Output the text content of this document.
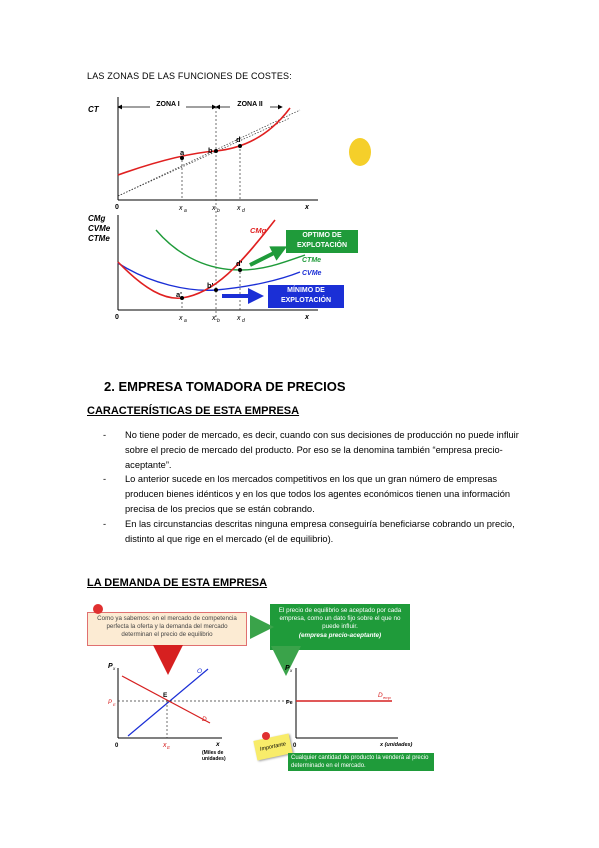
LAS ZONAS DE LAS FUNCIONES DE COSTES:
CT
ZONA I	ZONA II
a	b
d
0	x
x a	x b x d
CMg
CVMe
CTMe
a'
b'
d'
CMg
CTMe
CVMe
0	x
x a	x b x d
OPTIMO DE
EXPLOTACIÓN
MÍNIMO DE
EXPLOTACIÓN
2. EMPRESA TOMADORA DE PRECIOS
CARACTERÍSTICAS DE ESTA EMPRESA
-	No tiene poder de mercado, es decir, cuando con sus decisiones de producción no puede influir sobre el precio de mercado del producto. Por eso se la denomina también “empresa precio-aceptante”.
-	Lo anterior sucede en los mercados competitivos en los que un gran número de empresas producen bienes idénticos y en los que todos los agentes económicos tienen una información precisa de los precios que se están cobrando.
-	En las circunstancias descritas ninguna empresa conseguiría beneficiarse cobrando un precio, distinto al que rige en el mercado (el de equilibrio).
LA DEMANDA DE ESTA EMPRESA
Como ya sabemos: en el mercado de competencia perfecta la oferta y la demanda del mercado determinan el precio de equilibrio
El precio de equilibrio se aceptado por cada empresa, como un dato fijo sobre el que no puede influir.
(empresa precio-aceptante)
Importante
Cualquier cantidad de producto la venderá al precio determinado en el mercado.
P x	O
D
E
P E
x E
0	x
(Miles de
unidades)
P x
Pe
D emp
0	x (unidades)
